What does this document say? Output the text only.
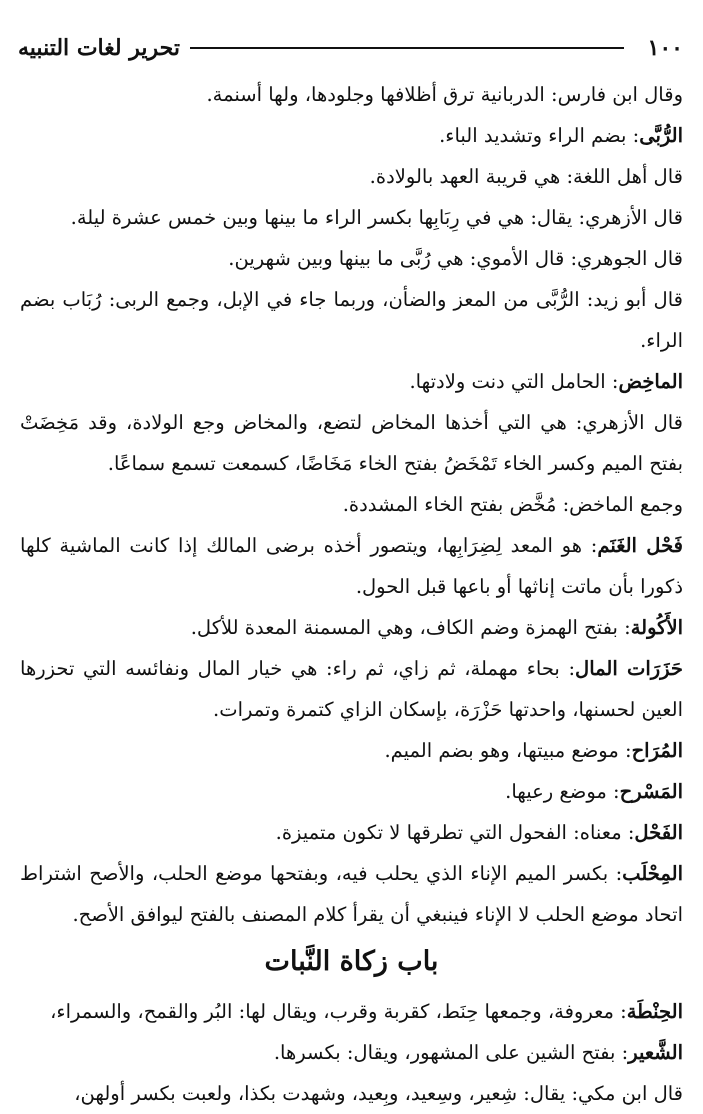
١٠٠
تحرير لغات التنبيه

وقال ابن فارس: الدربانية ترق أظلافها وجلودها، ولها أسنمة.

الرُّبَّى: بضم الراء وتشديد الباء.

قال أهل اللغة: هي قريبة العهد بالولادة.

قال الأزهري: يقال: هي في رِبَابِها بكسر الراء ما بينها وبين خمس عشرة ليلة.

قال الجوهري: قال الأموي: هي رُبَّى ما بينها وبين شهرين.

قال أبو زيد: الرُّبَّى من المعز والضأن، وربما جاء في الإبل، وجمع الربى: رُبَاب بضم الراء.

الماخِض: الحامل التي دنت ولادتها.

قال الأزهري: هي التي أخذها المخاض لتضع، والمخاض وجع الولادة، وقد مَخِضَتْ بفتح الميم وكسر الخاء تَمْخَضُ بفتح الخاء مَخَاضًا، كسمعت تسمع سماعًا.

وجمع الماخض: مُخَّض بفتح الخاء المشددة.

فَحْل الغَنَم: هو المعد لِضِرَابِها، ويتصور أخذه برضى المالك إذا كانت الماشية كلها ذكورا بأن ماتت إناثها أو باعها قبل الحول.

الأَكُولة: بفتح الهمزة وضم الكاف، وهي المسمنة المعدة للأكل.

حَزَرَات المال: بحاء مهملة، ثم زاي، ثم راء: هي خيار المال ونفائسه التي تحزرها العين لحسنها، واحدتها حَزْرَة، بإسكان الزاي كتمرة وتمرات.

المُرَاح: موضع مبيتها، وهو بضم الميم.

المَسْرح: موضع رعيها.

الفَحْل: معناه: الفحول التي تطرقها لا تكون متميزة.

المِحْلَب: بكسر الميم الإناء الذي يحلب فيه، وبفتحها موضع الحلب، والأصح اشتراط اتحاد موضع الحلب لا الإناء فينبغي أن يقرأ كلام المصنف بالفتح ليوافق الأصح.

باب زكاة النَّبات

الحِنْطَة: معروفة، وجمعها حِنَط، كقربة وقرب، ويقال لها: البُر والقمح، والسمراء،

الشَّعير: بفتح الشين على المشهور، ويقال: بكسرها.

قال ابن مكي: يقال: شِعير، وسِعيد، وبِعيد، وشهدت بكذا، ولعبت بكسر أولهن،
